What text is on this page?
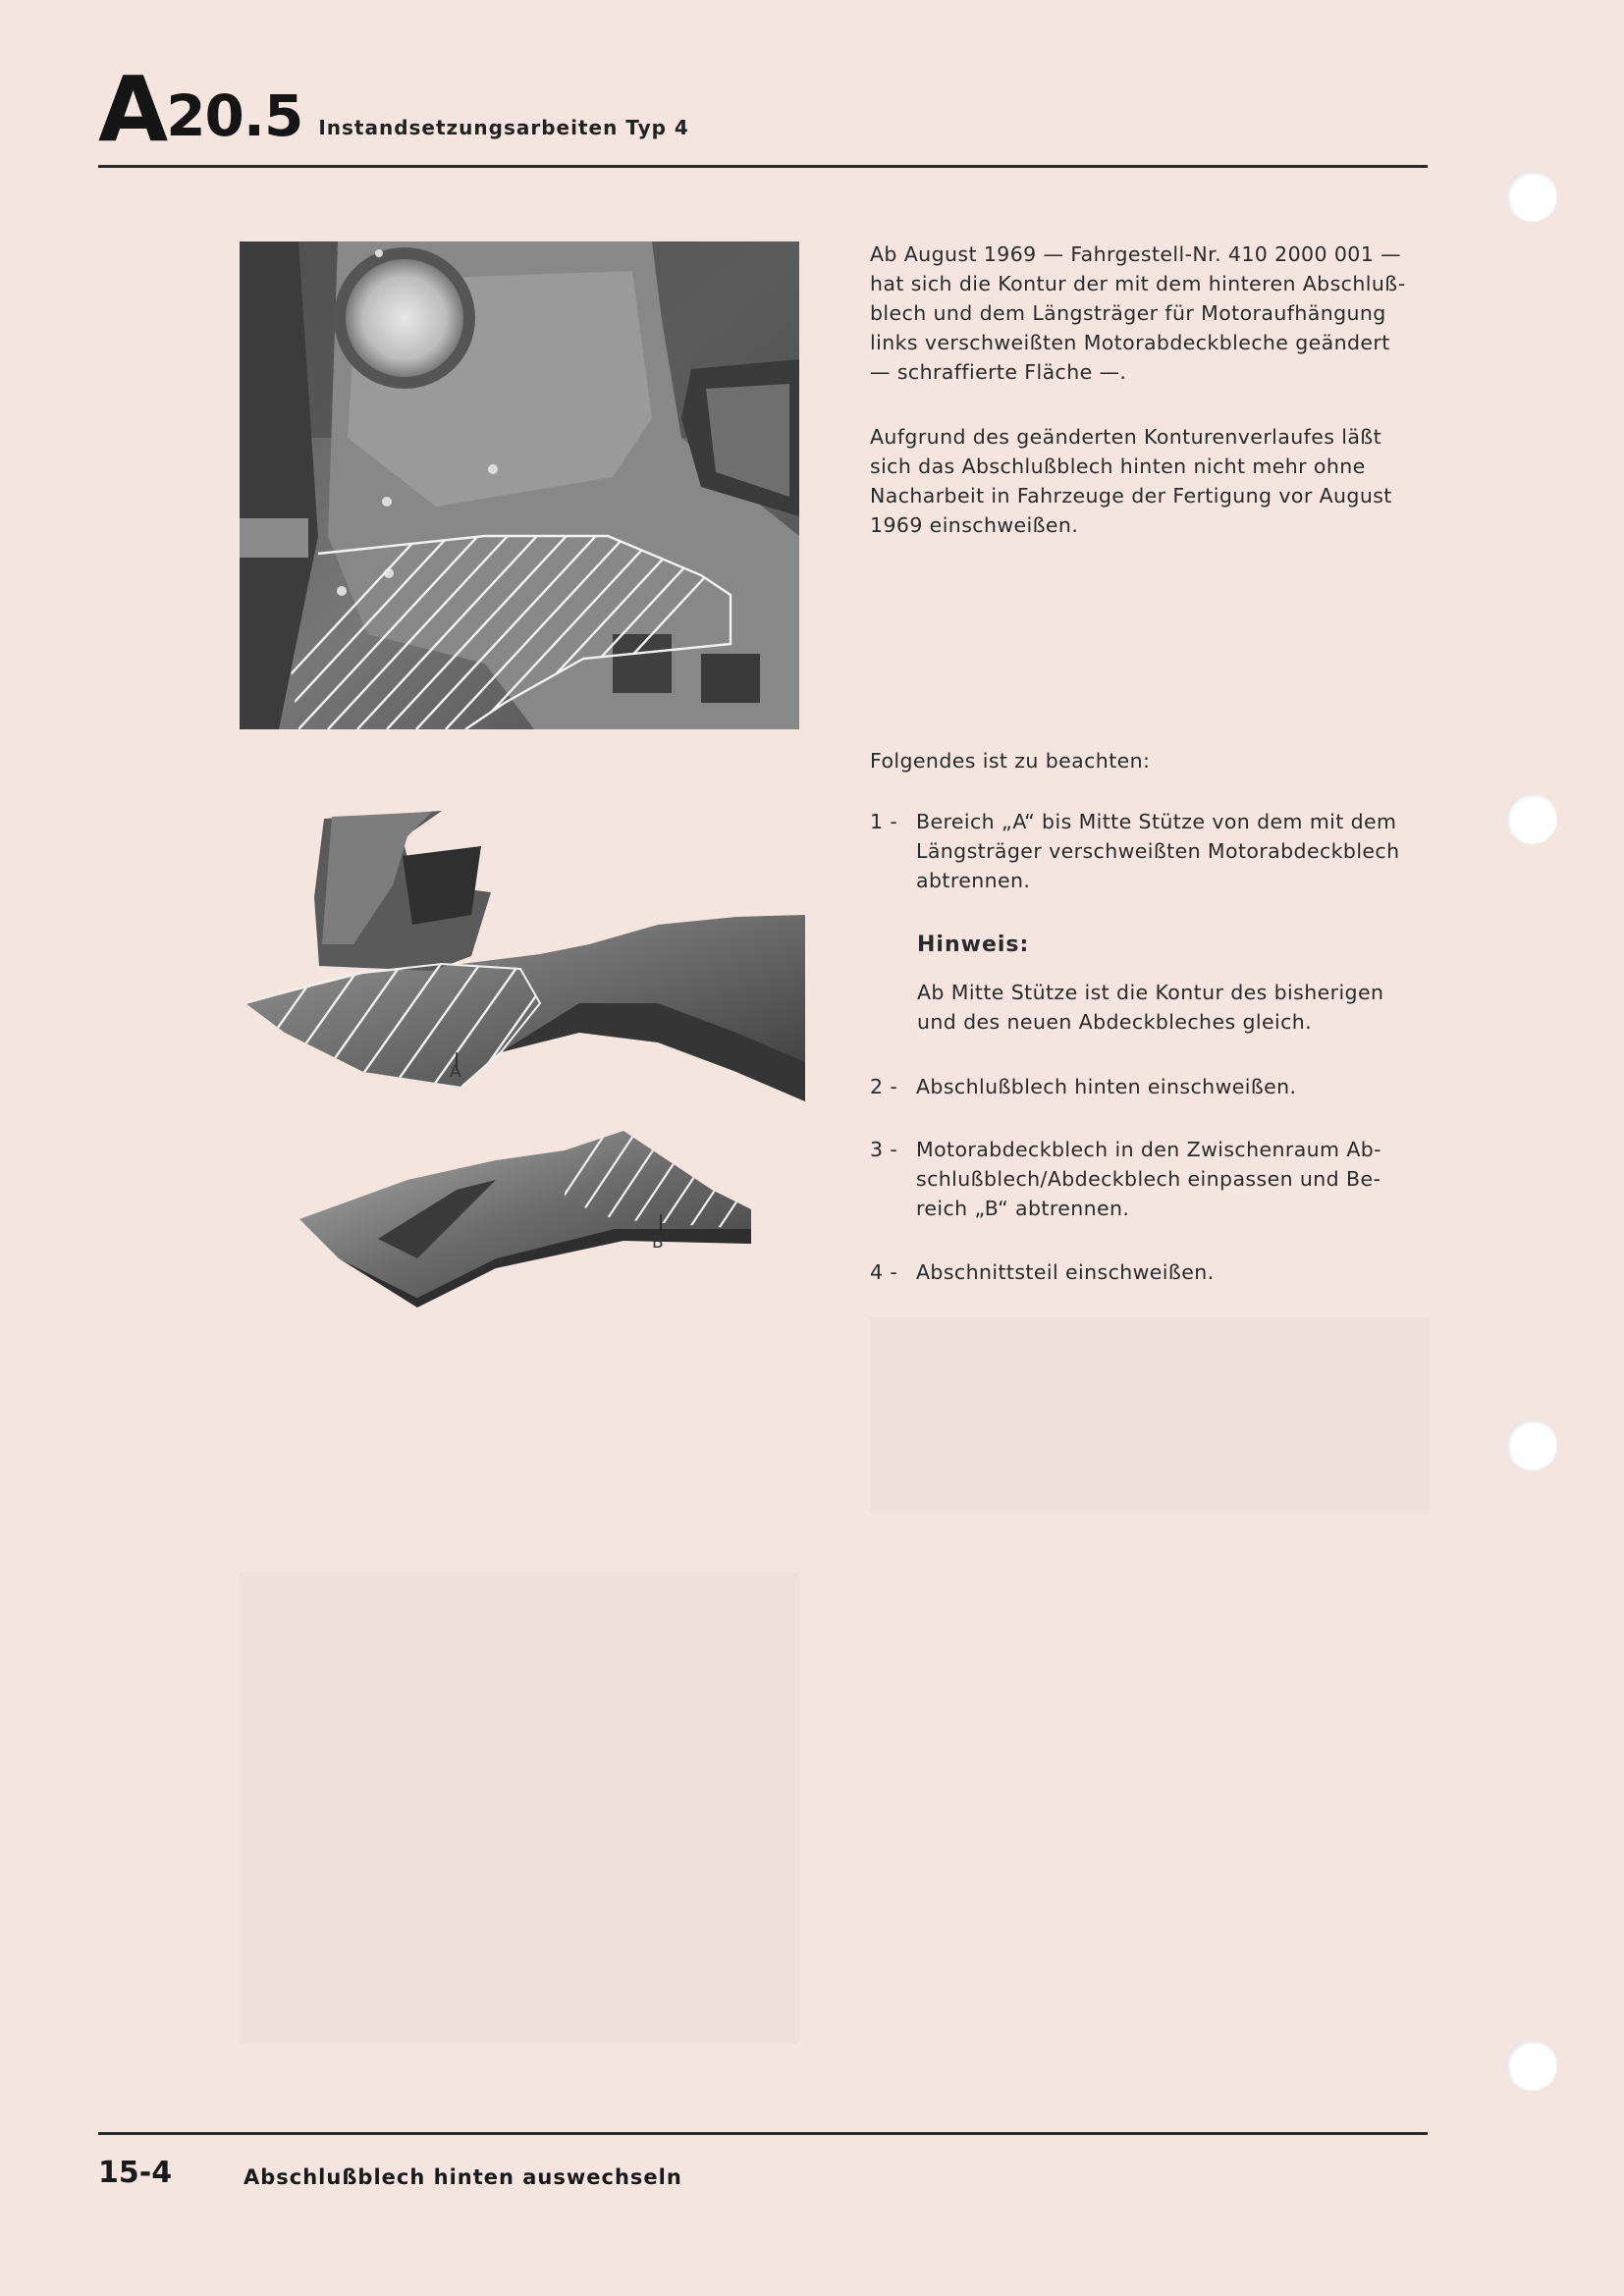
A 20.5 Instandsetzungsarbeiten Typ 4
Ab August 1969 — Fahrgestell-Nr. 410 2000 001 —
hat sich die Kontur der mit dem hinteren Abschluß-
blech und dem Längsträger für Motoraufhängung
links verschweißten Motorabdeckbleche geändert
— schraffierte Fläche —.
Aufgrund des geänderten Konturenverlaufes läßt
sich das Abschlußblech hinten nicht mehr ohne
Nacharbeit in Fahrzeuge der Fertigung vor August
1969 einschweißen.
Folgendes ist zu beachten:
1 - Bereich „A“ bis Mitte Stütze von dem mit dem
Längsträger verschweißten Motorabdeckblech
abtrennen.
Hinweis:
Ab Mitte Stütze ist die Kontur des bisherigen
und des neuen Abdeckbleches gleich.
2 - Abschlußblech hinten einschweißen.
3 - Motorabdeckblech in den Zwischenraum Ab-
schlußblech/Abdeckblech einpassen und Be-
reich „B“ abtrennen.
4 - Abschnittsteil einschweißen.
A
B
15-4	Abschlußblech hinten auswechseln
